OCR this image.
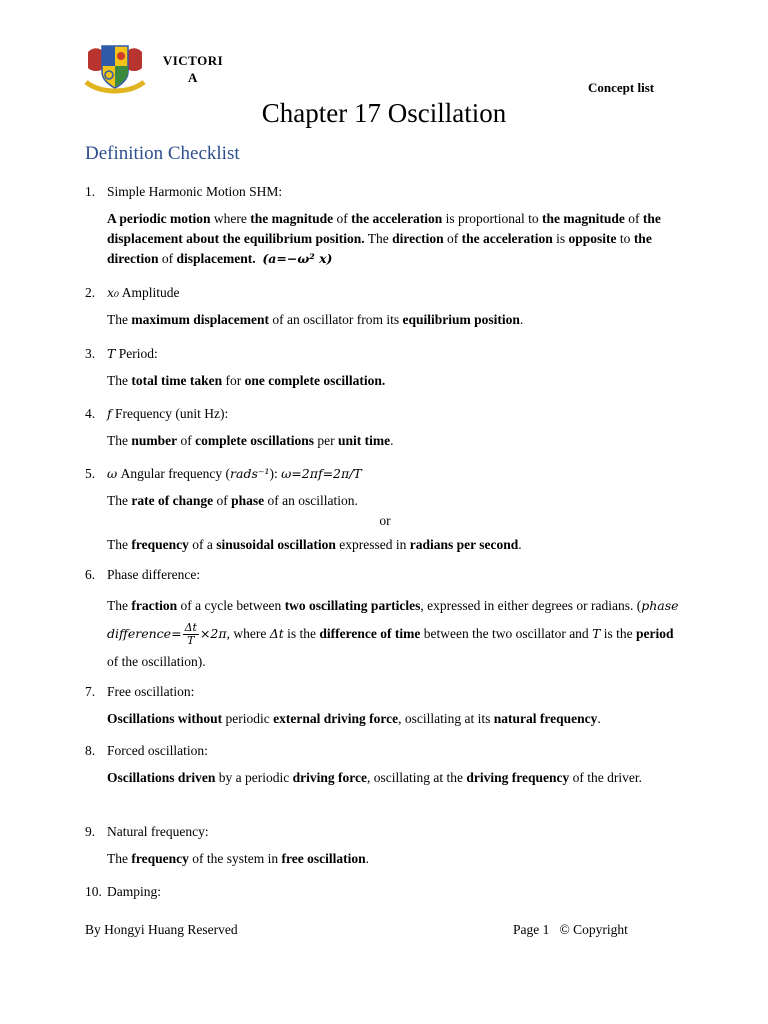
VICTORI
A
Concept list
Chapter 17 Oscillation
Definition Checklist
1. Simple Harmonic Motion SHM:
A periodic motion where the magnitude of the acceleration is proportional to the magnitude of the displacement about the equilibrium position. The direction of the acceleration is opposite to the direction of displacement. (a=−ω² x)
2. x₀ Amplitude
The maximum displacement of an oscillator from its equilibrium position.
3. T Period:
The total time taken for one complete oscillation.
4. f Frequency (unit Hz):
The number of complete oscillations per unit time.
5. ω Angular frequency (rads⁻¹): ω=2πf=2π/T
The rate of change of phase of an oscillation.
or
The frequency of a sinusoidal oscillation expressed in radians per second.
6. Phase difference:
The fraction of a cycle between two oscillating particles, expressed in either degrees or radians. (phase difference= $\frac{\Delta t}{T} \times 2\pi$, where Δt is the difference of time between the two oscillator and T is the period of the oscillation).
7. Free oscillation:
Oscillations without periodic external driving force, oscillating at its natural frequency.
8. Forced oscillation:
Oscillations driven by a periodic driving force, oscillating at the driving frequency of the driver.
9. Natural frequency:
The frequency of the system in free oscillation.
10. Damping:
By Hongyi Huang Reserved	Page 1 © Copyright
